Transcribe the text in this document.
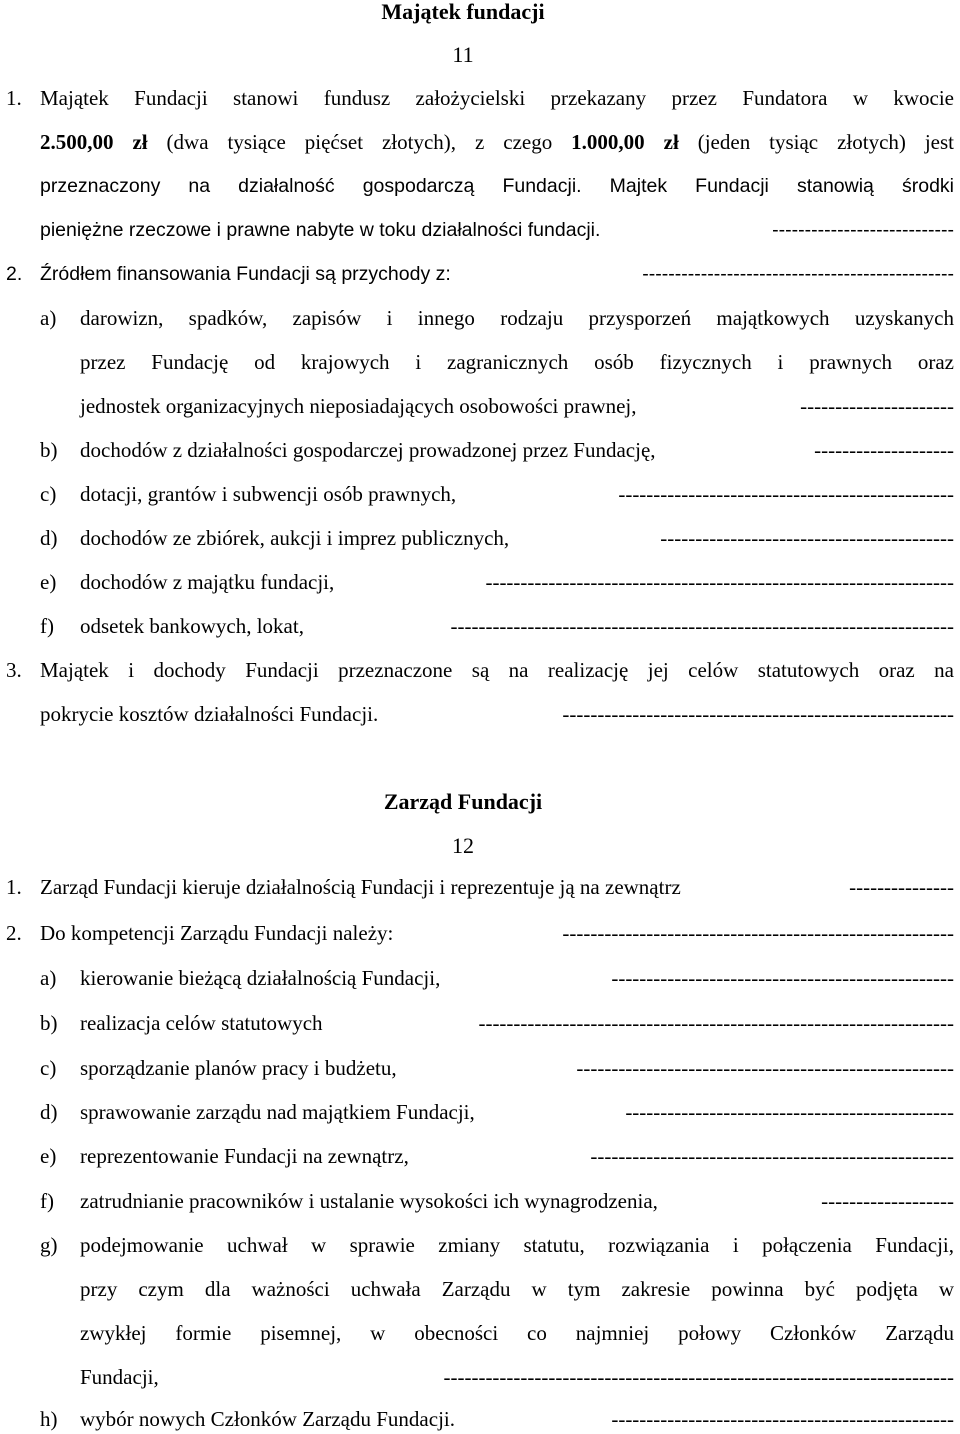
Majątek fundacji
11
1. Majątek Fundacji stanowi fundusz założycielski przekazany przez Fundatora w kwocie
2.500,00 zł (dwa tysiące pięćset złotych), z czego 1.000,00 zł (jeden tysiąc złotych) jest
przeznaczony na działalność gospodarczą Fundacji. Majtek Fundacji stanowią środki
pieniężne rzeczowe i prawne nabyte w toku działalności fundacji.	----------------------------
2. Źródłem finansowania Fundacji są przychody z:	------------------------------------------------
a) darowizn, spadków, zapisów i innego rodzaju przysporzeń majątkowych uzyskanych
przez Fundację od krajowych i zagranicznych osób fizycznych i prawnych oraz
jednostek organizacyjnych nieposiadających osobowości prawnej,	----------------------
b) dochodów z działalności gospodarczej prowadzonej przez Fundację,	--------------------
c) dotacji, grantów i subwencji osób prawnych,	------------------------------------------------
d) dochodów ze zbiórek, aukcji i imprez publicznych,	------------------------------------------
e) dochodów z majątku fundacji,	-------------------------------------------------------------------
f) odsetek bankowych, lokat,	------------------------------------------------------------------------
3. Majątek i dochody Fundacji przeznaczone są na realizację jej celów statutowych oraz na
pokrycie kosztów działalności Fundacji.	--------------------------------------------------------
Zarząd Fundacji
12
1. Zarząd Fundacji kieruje działalnością Fundacji i reprezentuje ją na zewnątrz	---------------
2. Do kompetencji Zarządu Fundacji należy:	--------------------------------------------------------
a) kierowanie bieżącą działalnością Fundacji,	-------------------------------------------------
b) realizacja celów statutowych	--------------------------------------------------------------------
c) sporządzanie planów pracy i budżetu,	------------------------------------------------------
d) sprawowanie zarządu nad majątkiem Fundacji,	-----------------------------------------------
e) reprezentowanie Fundacji na zewnątrz,	----------------------------------------------------
f) zatrudnianie pracowników i ustalanie wysokości ich wynagrodzenia,	-------------------
g) podejmowanie uchwał w sprawie zmiany statutu, rozwiązania i połączenia Fundacji,
przy czym dla ważności uchwała Zarządu w tym zakresie powinna być podjęta w
zwykłej formie pisemnej, w obecności co najmniej połowy Członków Zarządu
Fundacji,	-------------------------------------------------------------------------
h) wybór nowych Członków Zarządu Fundacji.	-------------------------------------------------
